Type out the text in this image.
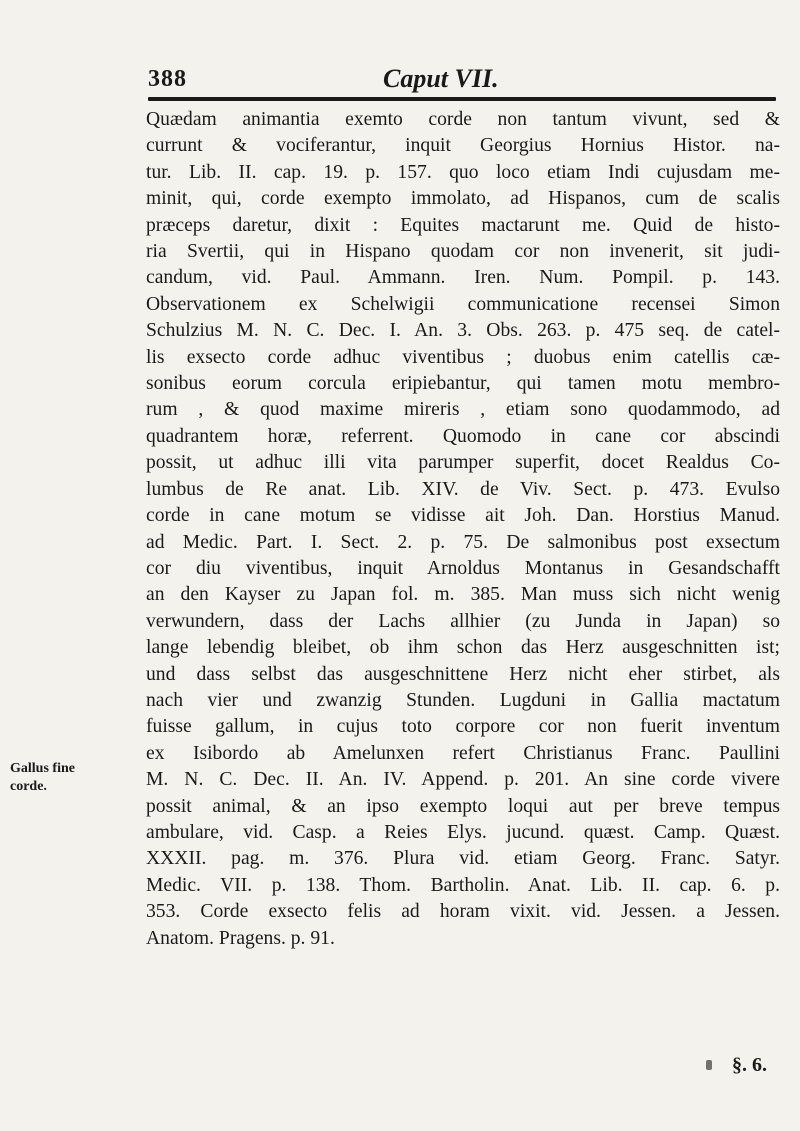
388	Caput VII.
Gallus fine
corde.
Quædam animantia exemto corde non tantum vivunt, sed &
currunt & vociferantur, inquit Georgius Hornius Histor. na-
tur. Lib. II. cap. 19. p. 157. quo loco etiam Indi cujusdam me-
minit, qui, corde exempto immolato, ad Hispanos, cum de scalis
præceps daretur, dixit : Equites mactarunt me. Quid de histo-
ria Svertii, qui in Hispano quodam cor non invenerit, sit judi-
candum, vid. Paul. Ammann. Iren. Num. Pompil. p. 143.
Observationem ex Schelwigii communicatione recensei Simon
Schulzius M. N. C. Dec. I. An. 3. Obs. 263. p. 475 seq. de catel-
lis exsecto corde adhuc viventibus ; duobus enim catellis cæ-
sonibus eorum corcula eripiebantur, qui tamen motu membro-
rum , & quod maxime mireris , etiam sono quodammodo, ad
quadrantem horæ, referrent. Quomodo in cane cor abscindi
possit, ut adhuc illi vita parumper superfit, docet Realdus Co-
lumbus de Re anat. Lib. XIV. de Viv. Sect. p. 473. Evulso
corde in cane motum se vidisse ait Joh. Dan. Horstius Manud.
ad Medic. Part. I. Sect. 2. p. 75. De salmonibus post exsectum
cor diu viventibus, inquit Arnoldus Montanus in Gesandschafft
an den Kayser zu Japan fol. m. 385. Man muss sich nicht wenig
verwundern, dass der Lachs allhier (zu Junda in Japan) so
lange lebendig bleibet, ob ihm schon das Herz ausgeschnitten ist;
und dass selbst das ausgeschnittene Herz nicht eher stirbet, als
nach vier und zwanzig Stunden. Lugduni in Gallia mactatum
fuisse gallum, in cujus toto corpore cor non fuerit inventum
ex Isibordo ab Amelunxen refert Christianus Franc. Paullini
M. N. C. Dec. II. An. IV. Append. p. 201. An sine corde vivere
possit animal, & an ipso exempto loqui aut per breve tempus
ambulare, vid. Casp. a Reies Elys. jucund. quæst. Camp. Quæst.
XXXII. pag. m. 376. Plura vid. etiam Georg. Franc. Satyr.
Medic. VII. p. 138. Thom. Bartholin. Anat. Lib. II. cap. 6. p.
353. Corde exsecto felis ad horam vixit. vid. Jessen. a Jessen.
Anatom. Pragens. p. 91.
§. 6.
